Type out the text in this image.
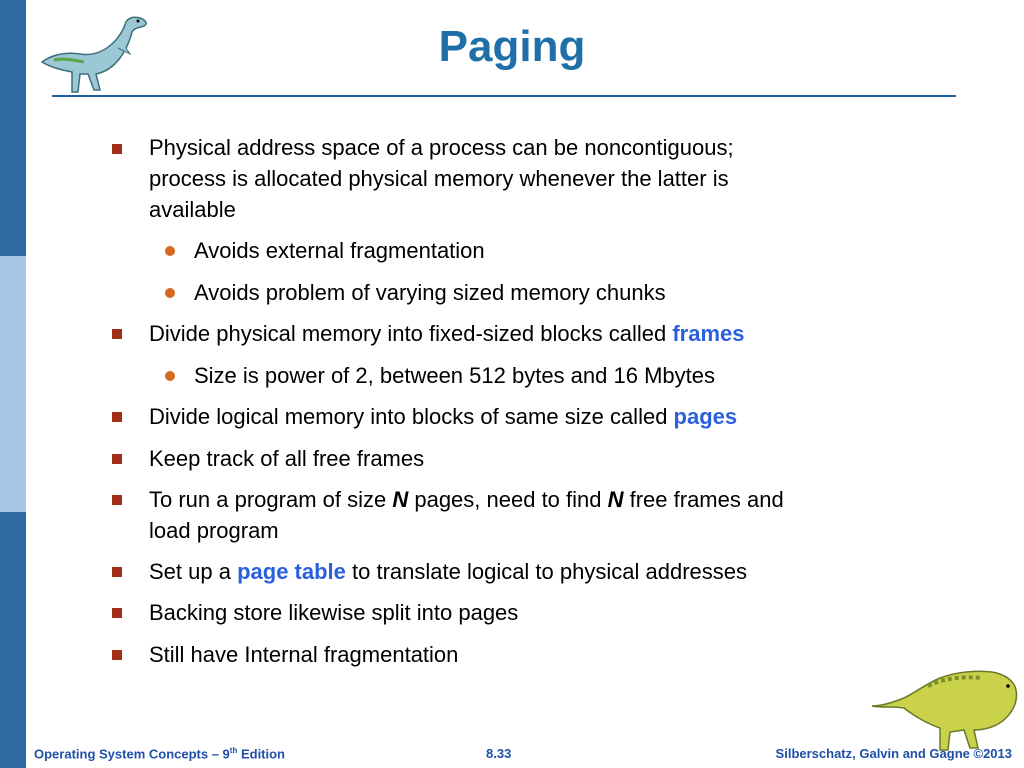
Paging
Physical address space of a process can be noncontiguous;
process is allocated physical memory whenever the latter is
available
Avoids external fragmentation
Avoids problem of varying sized memory chunks
Divide physical memory into fixed-sized blocks called frames
Size is power of 2, between 512 bytes and 16 Mbytes
Divide logical memory into blocks of same size called pages
Keep track of all free frames
To run a program of size N pages, need to find N free frames and
load program
Set up a page table to translate logical to physical addresses
Backing store likewise split into pages
Still have Internal fragmentation
Operating System Concepts – 9th Edition	8.33	Silberschatz, Galvin and Gagne ©2013
